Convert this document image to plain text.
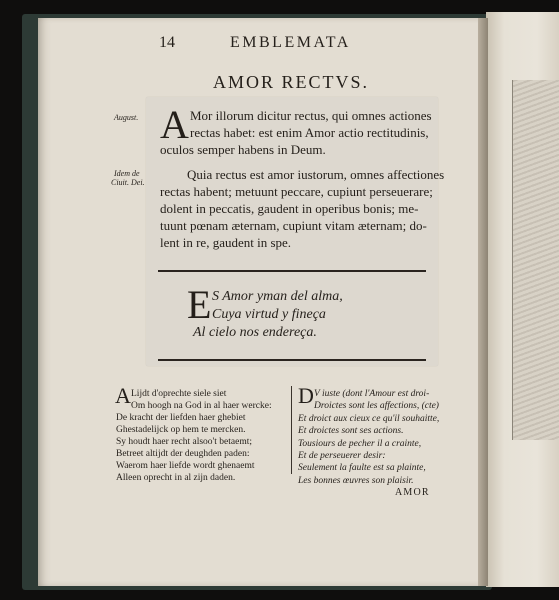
14	EMBLEMATA
AMOR RECTVS.
August. A Mor illorum dicitur rectus, qui omnes actiones
rectas habet: est enim Amor actio rectitudinis,
oculos semper habens in Deum.
Idem de
Ciuit. Dei.
Quia rectus est amor iustorum, omnes affectiones
rectas habent; metuunt peccare, cupiunt perseuerare;
dolent in peccatis, gaudent in operibus bonis; me-
tuunt pœnam æternam, cupiunt vitam æternam; do-
lent in re, gaudent in spe.
E S Amor yman del alma,
Cuya virtud y fineça
Al cielo nos endereça.
A Lijdt d'oprechte siele siet
Om hoogh na God in al haer wercke:
De kracht der liefden haer ghebiet
Ghestadelijck op hem te mercken.
Sy houdt haer recht alsoo't betaemt;
Betreet altijdt der deughden paden:
Waerom haer liefde wordt ghenaemt
Alleen oprecht in al zijn daden.
D V iuste (dont l'Amour est droi-
Droictes sont les affections, (cte)
Et droict aux cieux ce qu'il souhaitte,
Et droictes sont ses actions.
Tousiours de pecher il a crainte,
Et de perseuerer desir:
Seulement la faulte est sa plainte,
Les bonnes œuvres son plaisir.
AMOR
